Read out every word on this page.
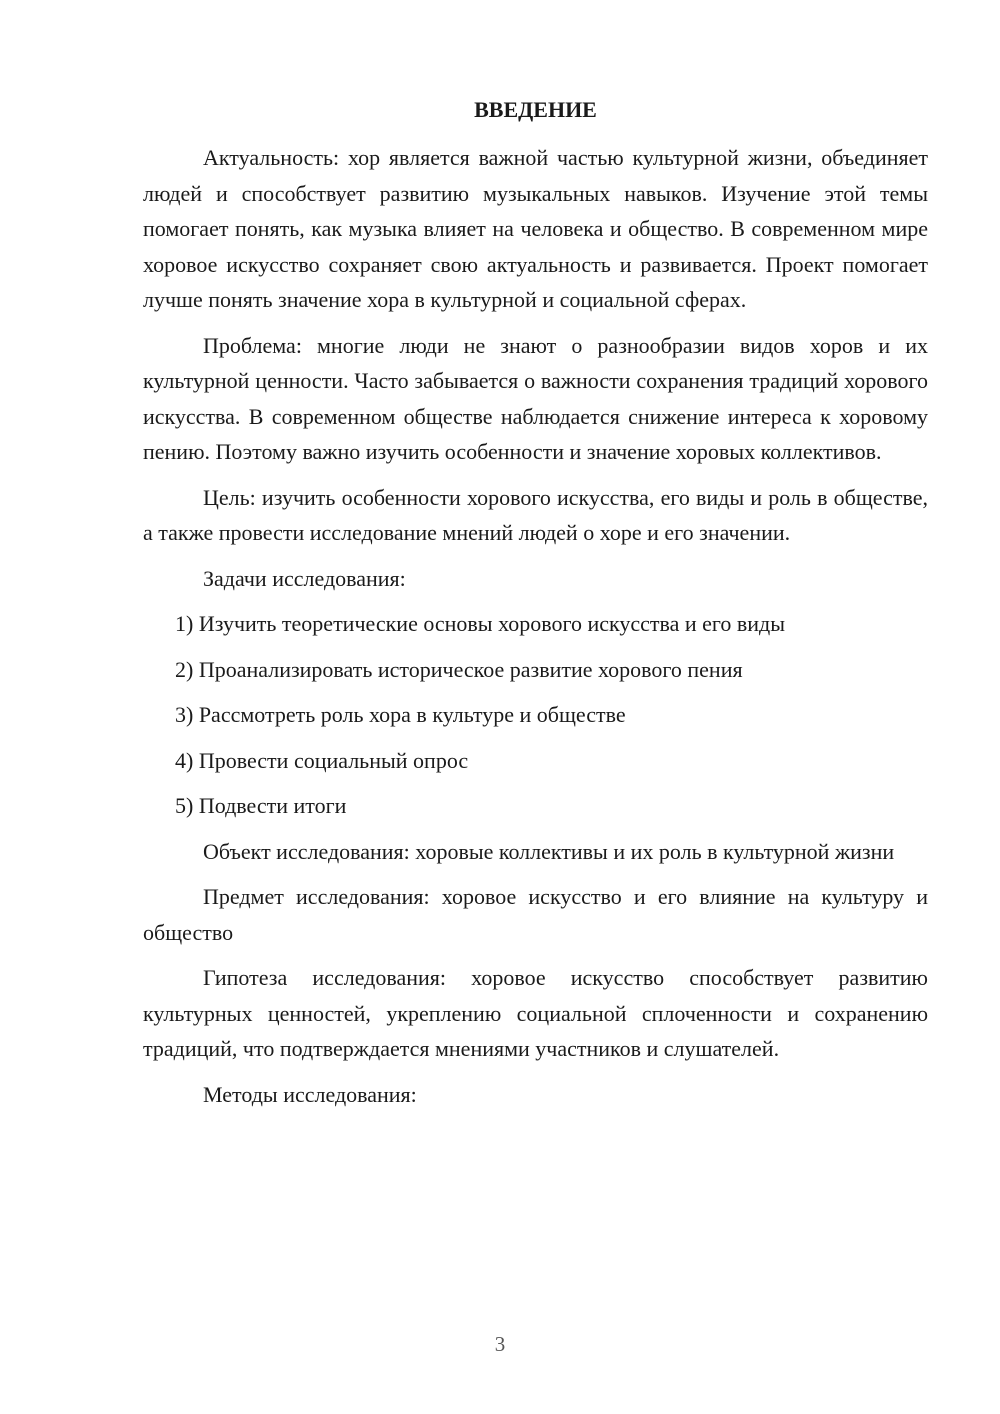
ВВЕДЕНИЕ

Актуальность: хор является важной частью культурной жизни, объединяет людей и способствует развитию музыкальных навыков. Изучение этой темы помогает понять, как музыка влияет на человека и общество. В современном мире хоровое искусство сохраняет свою актуальность и развивается. Проект помогает лучше понять значение хора в культурной и социальной сферах.

Проблема: многие люди не знают о разнообразии видов хоров и их культурной ценности. Часто забывается о важности сохранения традиций хорового искусства. В современном обществе наблюдается снижение интереса к хоровому пению. Поэтому важно изучить особенности и значение хоровых коллективов.

Цель: изучить особенности хорового искусства, его виды и роль в обществе, а также провести исследование мнений людей о хоре и его значении.

Задачи исследования:

1) Изучить теоретические основы хорового искусства и его виды
2) Проанализировать историческое развитие хорового пения
3) Рассмотреть роль хора в культуре и обществе
4) Провести социальный опрос
5) Подвести итоги

Объект исследования: хоровые коллективы и их роль в культурной жизни

Предмет исследования: хоровое искусство и его влияние на культуру и общество

Гипотеза исследования: хоровое искусство способствует развитию культурных ценностей, укреплению социальной сплоченности и сохранению традиций, что подтверждается мнениями участников и слушателей.

Методы исследования:

3
